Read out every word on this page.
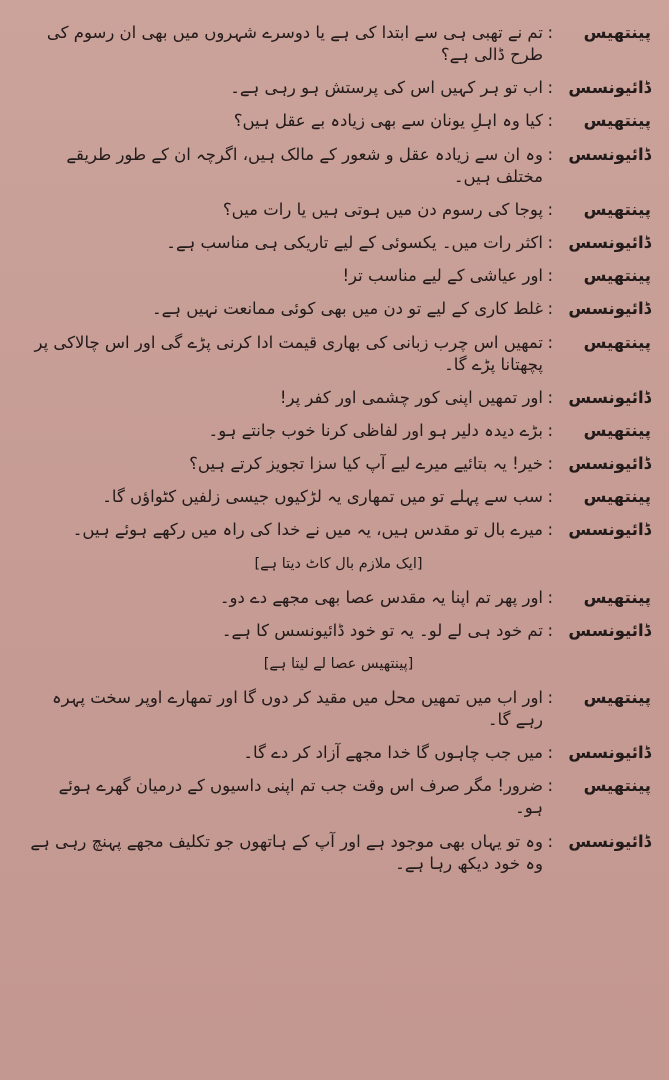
پینتھیس
:
تم نے تھبی ہی سے ابتدا کی ہے یا دوسرے شہروں میں بھی ان رسوم کی طرح ڈالی ہے؟
ڈائیونسس
:
اب تو ہر کہیں اس کی پرستش ہو رہی ہے۔
پینتھیس
:
کیا وہ اہلِ یونان سے بھی زیادہ بے عقل ہیں؟
ڈائیونسس
:
وہ ان سے زیادہ عقل و شعور کے مالک ہیں، اگرچہ ان کے طور طریقے مختلف ہیں۔
پینتھیس
:
پوجا کی رسوم دن میں ہوتی ہیں یا رات میں؟
ڈائیونسس
:
اکثر رات میں۔ یکسوئی کے لیے تاریکی ہی مناسب ہے۔
پینتھیس
:
اور عیاشی کے لیے مناسب تر!
ڈائیونسس
:
غلط کاری کے لیے تو دن میں بھی کوئی ممانعت نہیں ہے۔
پینتھیس
:
تمھیں اس چرب زبانی کی بھاری قیمت ادا کرنی پڑے گی اور اس چالاکی پر پچھتانا پڑے گا۔
ڈائیونسس
:
اور تمھیں اپنی کور چشمی اور کفر پر!
پینتھیس
:
بڑے دیدہ دلیر ہو اور لفاظی کرنا خوب جانتے ہو۔
ڈائیونسس
:
خیر! یہ بتائیے میرے لیے آپ کیا سزا تجویز کرتے ہیں؟
پینتھیس
:
سب سے پہلے تو میں تمھاری یہ لڑکیوں جیسی زلفیں کٹواؤں گا۔
ڈائیونسس
:
میرے بال تو مقدس ہیں، یہ میں نے خدا کی راہ میں رکھے ہوئے ہیں۔
[ایک ملازم بال کاٹ دیتا ہے]
پینتھیس
:
اور پھر تم اپنا یہ مقدس عصا بھی مجھے دے دو۔
ڈائیونسس
:
تم خود ہی لے لو۔ یہ تو خود ڈائیونسس کا ہے۔
[پینتھیس عصا لے لیتا ہے]
پینتھیس
:
اور اب میں تمھیں محل میں مقید کر دوں گا اور تمھارے اوپر سخت پہرہ رہے گا۔
ڈائیونسس
:
میں جب چاہوں گا خدا مجھے آزاد کر دے گا۔
پینتھیس
:
ضرور! مگر صرف اس وقت جب تم اپنی داسیوں کے درمیان گھرے ہوئے ہو۔
ڈائیونسس
:
وہ تو یہاں بھی موجود ہے اور آپ کے ہاتھوں جو تکلیف مجھے پہنچ رہی ہے وہ خود دیکھ رہا ہے۔
